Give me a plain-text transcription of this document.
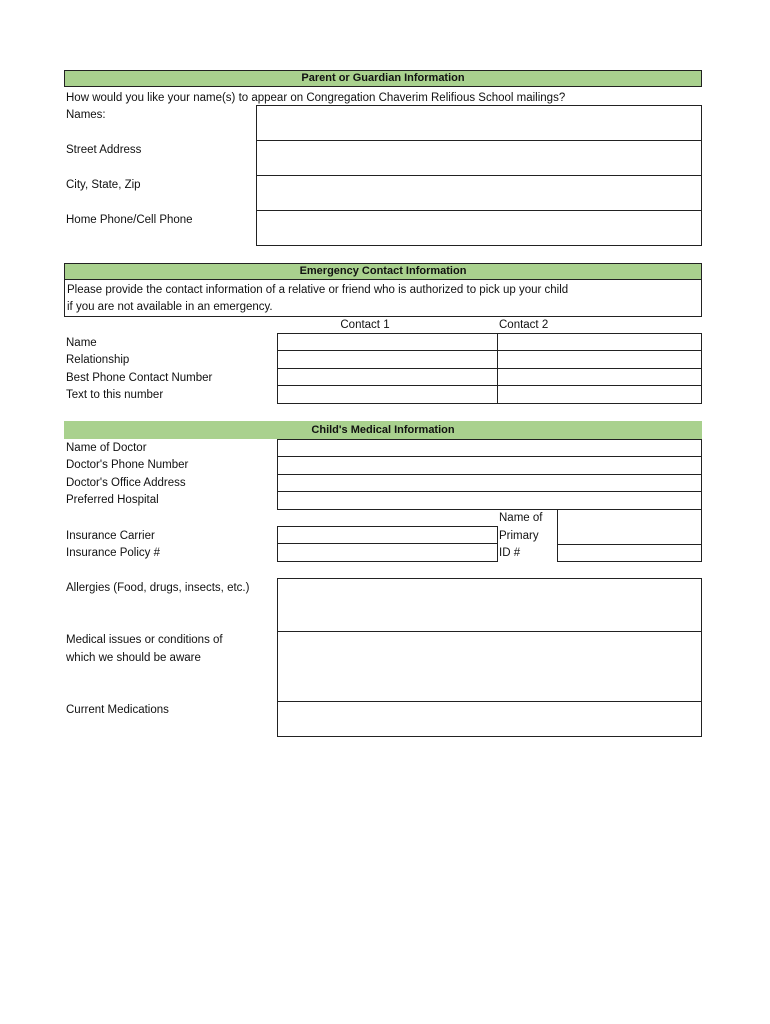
Parent or Guardian Information
How would you like your name(s) to appear on Congregation Chaverim Relifious School mailings?
Names:
Street Address
City, State, Zip
Home Phone/Cell Phone
Emergency Contact Information
Please provide the contact information of a relative or friend who is authorized to pick up your child
if you are not available in an emergency.
Contact 1	Contact 2
Name
Relationship
Best Phone Contact Number
Text to this number
Child's Medical Information
Name of Doctor
Doctor's Phone Number
Doctor's Office Address
Preferred Hospital
Insurance Carrier
Insurance Policy #
Name of
Primary
ID #
Allergies (Food, drugs, insects, etc.)
Medical issues or conditions of
which we should be aware
Current Medications
